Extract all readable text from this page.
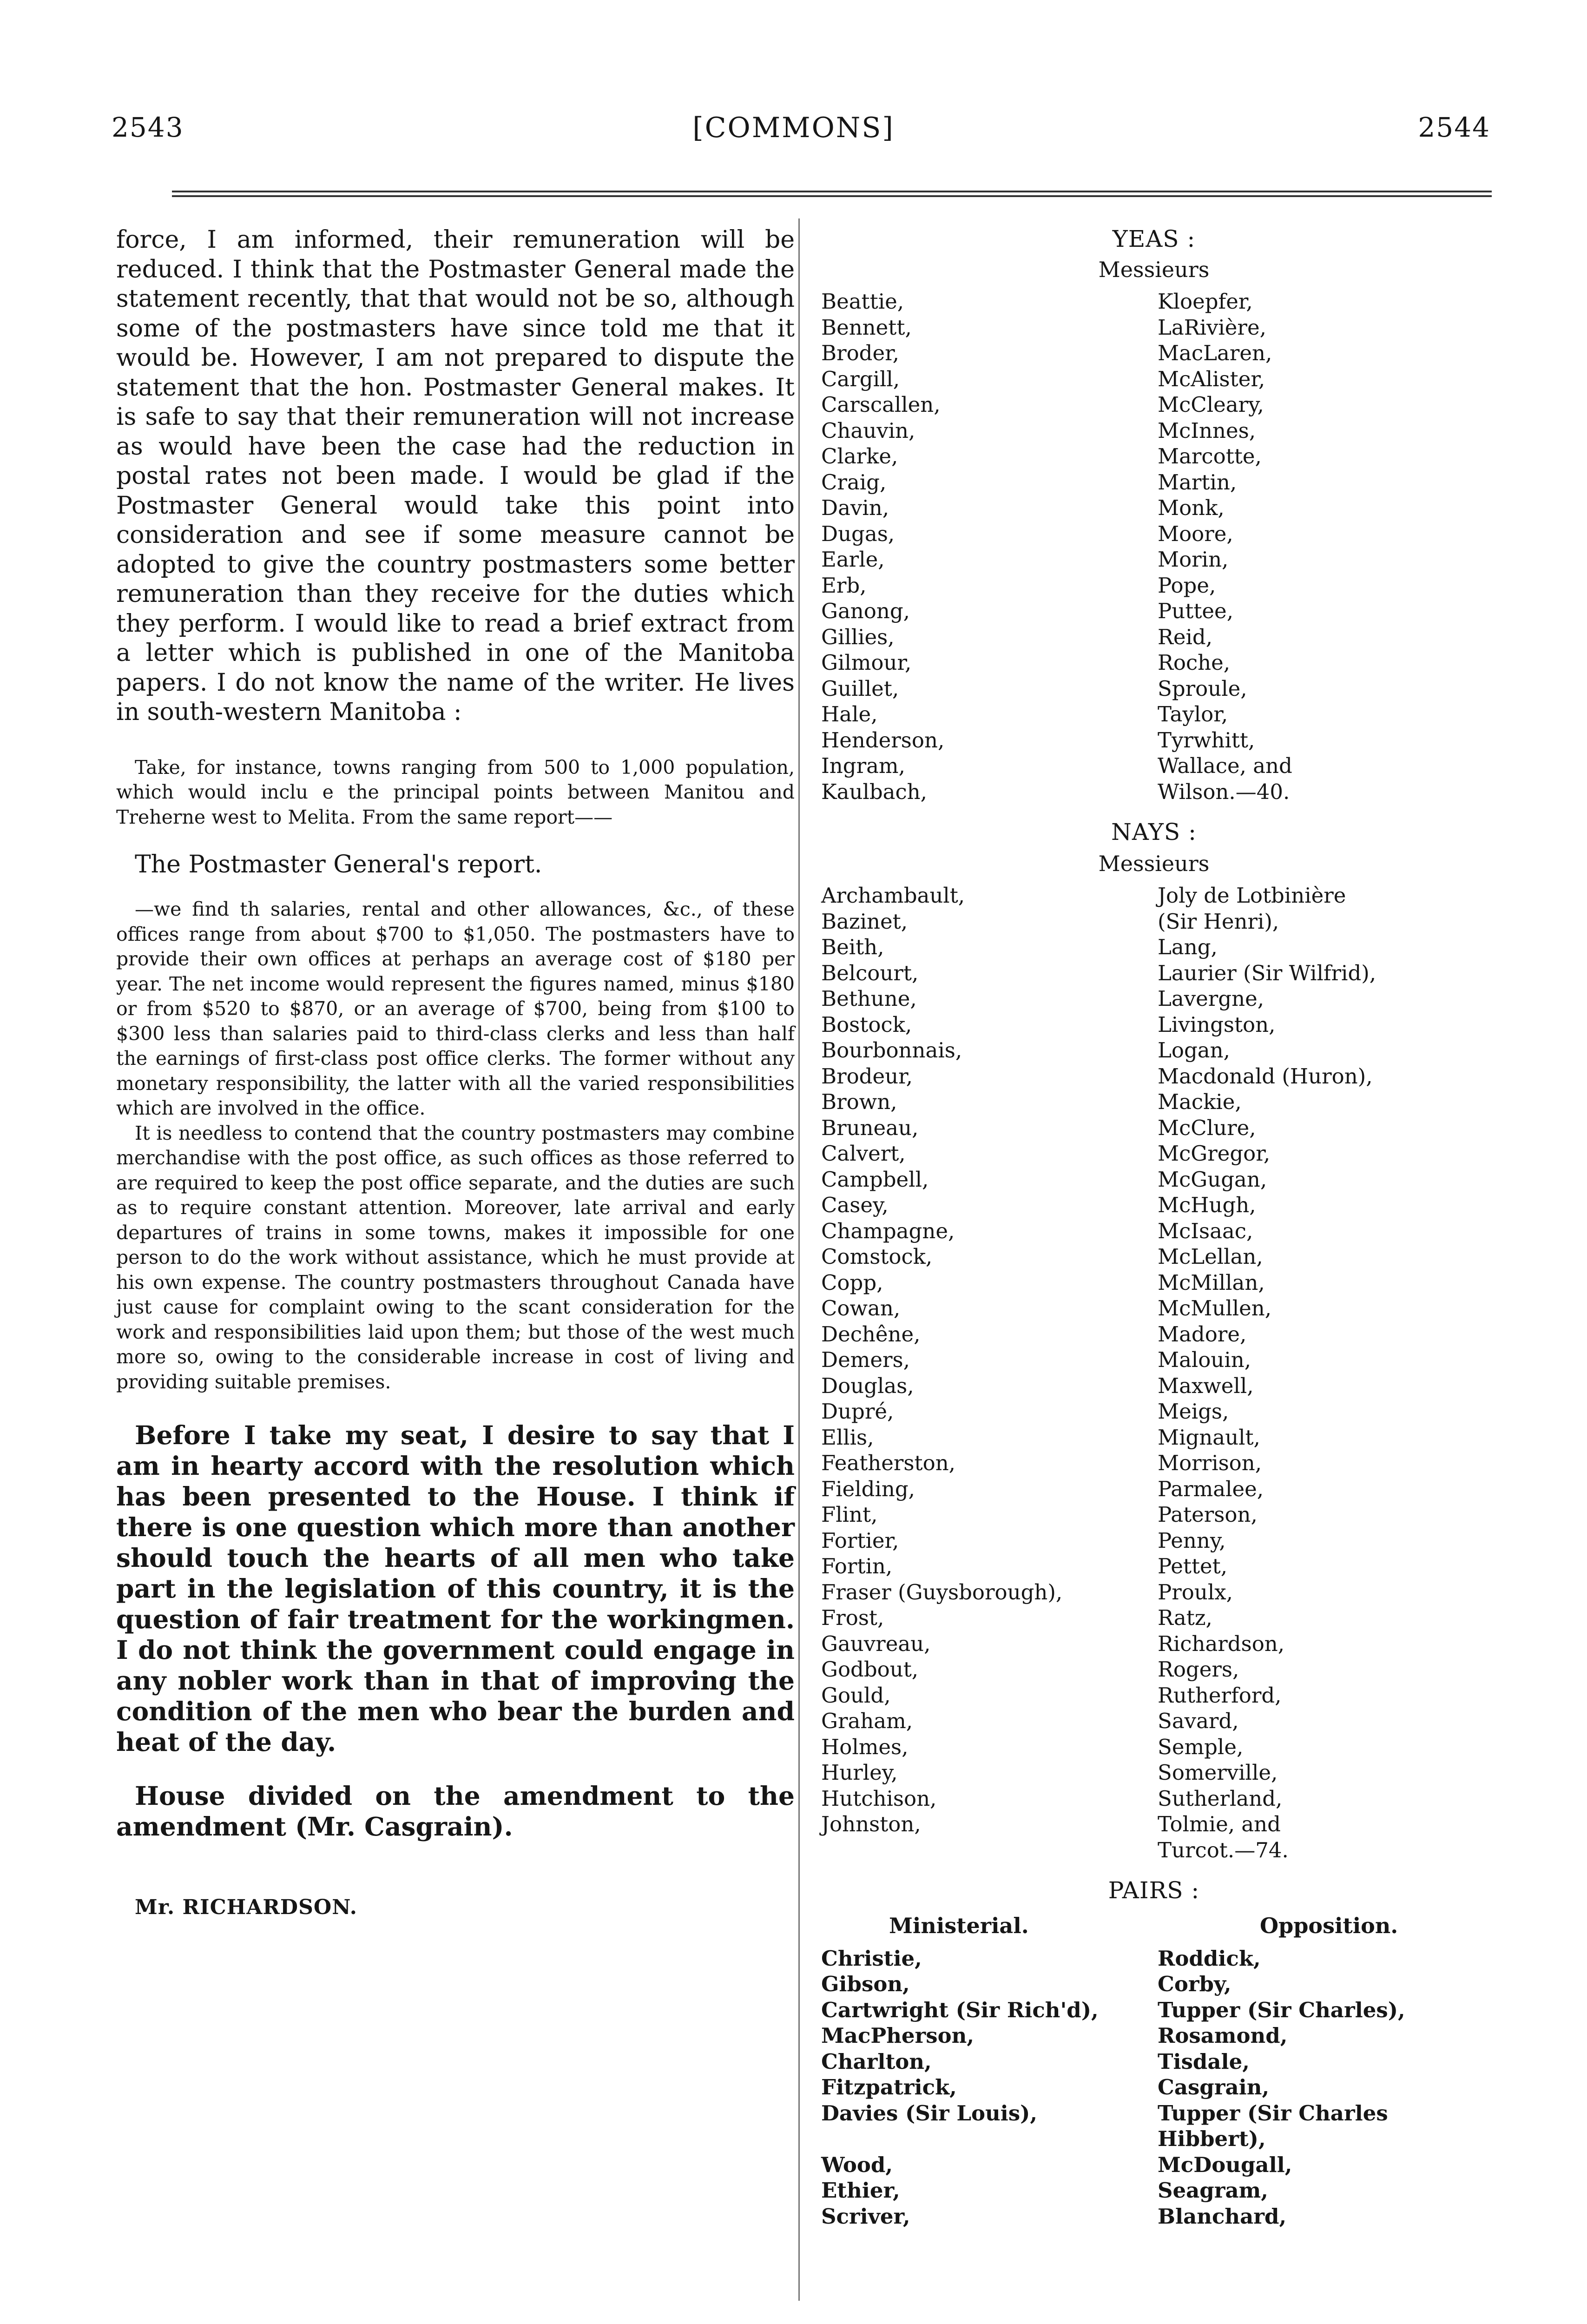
2543	[COMMONS]	2544

force, I am informed, their remuneration will be reduced. I think that the Postmaster General made the statement recently, that that would not be so, although some of the postmasters have since told me that it would be. However, I am not prepared to dispute the statement that the hon. Postmaster General makes. It is safe to say that their remuneration will not increase as would have been the case had the reduction in postal rates not been made. I would be glad if the Postmaster General would take this point into consideration and see if some measure cannot be adopted to give the country postmasters some better remuneration than they receive for the duties which they perform. I would like to read a brief extract from a letter which is published in one of the Manitoba papers. I do not know the name of the writer. He lives in south-western Manitoba :

Take, for instance, towns ranging from 500 to 1,000 population, which would inclu e the principal points between Manitou and Treherne west to Melita. From the same report——

The Postmaster General's report.

—we find th salaries, rental and other allowances, &c., of these offices range from about $700 to $1,050. The postmasters have to provide their own offices at perhaps an average cost of $180 per year. The net income would represent the figures named, minus $180 or from $520 to $870, or an average of $700, being from $100 to $300 less than salaries paid to third-class clerks and less than half the earnings of first-class post office clerks. The former without any monetary responsibility, the latter with all the varied responsibilities which are involved in the office.

It is needless to contend that the country postmasters may combine merchandise with the post office, as such offices as those referred to are required to keep the post office separate, and the duties are such as to require constant attention. Moreover, late arrival and early departures of trains in some towns, makes it impossible for one person to do the work without assistance, which he must provide at his own expense. The country postmasters throughout Canada have just cause for complaint owing to the scant consideration for the work and responsibilities laid upon them; but those of the west much more so, owing to the considerable increase in cost of living and providing suitable premises.

Before I take my seat, I desire to say that I am in hearty accord with the resolution which has been presented to the House. I think if there is one question which more than another should touch the hearts of all men who take part in the legislation of this country, it is the question of fair treatment for the workingmen. I do not think the government could engage in any nobler work than in that of improving the condition of the men who bear the burden and heat of the day.

House divided on the amendment to the amendment (Mr. Casgrain).

Mr. RICHARDSON.
YEAS :
Messieurs
Beattie,	Kloepfer,
Bennett,	LaRivière,
Broder,	MacLaren,
Cargill,	McAlister,
Carscallen,	McCleary,
Chauvin,	McInnes,
Clarke,	Marcotte,
Craig,	Martin,
Davin,	Monk,
Dugas,	Moore,
Earle,	Morin,
Erb,	Pope,
Ganong,	Puttee,
Gillies,	Reid,
Gilmour,	Roche,
Guillet,	Sproule,
Hale,	Taylor,
Henderson,	Tyrwhitt,
Ingram,	Wallace, and
Kaulbach,	Wilson.—40.
NAYS :
Messieurs
Archambault,	Joly de Lotbinière
Bazinet,	(Sir Henri),
Beith,	Lang,
Belcourt,	Laurier (Sir Wilfrid),
Bethune,	Lavergne,
Bostock,	Livingston,
Bourbonnais,	Logan,
Brodeur,	Macdonald (Huron),
Brown,	Mackie,
Bruneau,	McClure,
Calvert,	McGregor,
Campbell,	McGugan,
Casey,	McHugh,
Champagne,	McIsaac,
Comstock,	McLellan,
Copp,	McMillan,
Cowan,	McMullen,
Dechêne,	Madore,
Demers,	Malouin,
Douglas,	Maxwell,
Dupré,	Meigs,
Ellis,	Mignault,
Featherston,	Morrison,
Fielding,	Parmalee,
Flint,	Paterson,
Fortier,	Penny,
Fortin,	Pettet,
Fraser (Guysborough),	Proulx,
Frost,	Ratz,
Gauvreau,	Richardson,
Godbout,	Rogers,
Gould,	Rutherford,
Graham,	Savard,
Holmes,	Semple,
Hurley,	Somerville,
Hutchison,	Sutherland,
Johnston,	Tolmie, and
Turcot.—74.
PAIRS :
Ministerial.	Opposition.
Christie,	Roddick,
Gibson,	Corby,
Cartwright (Sir Rich'd),	Tupper (Sir Charles),
MacPherson,	Rosamond,
Charlton,	Tisdale,
Fitzpatrick,	Casgrain,
Davies (Sir Louis),	Tupper (Sir Charles
Hibbert),
Wood,	McDougall,
Ethier,	Seagram,
Scriver,	Blanchard,
